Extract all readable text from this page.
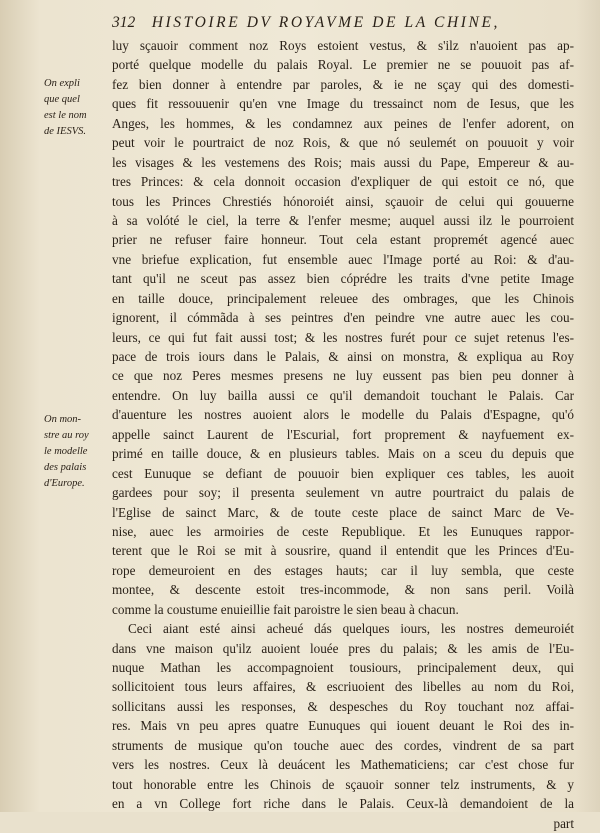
312 HISTOIRE DV ROYAVME DE LA CHINE,
On expli
que quel
est le nom
de IESVS.
On mon-
stre au roy
le modelle
des palais
d'Europe.
luy sçauoir comment noz Roys estoient vestus, & s'ilz n'auoient pas ap-
porté quelque modelle du palais Royal. Le premier ne se pouuoit pas af-
fez bien donner à entendre par paroles, & ie ne sçay qui des domesti-
ques fit ressouuenir qu'en vne Image du tressainct nom de Iesus, que les
Anges, les hommes, & les condamnez aux peines de l'enfer adorent, on
peut voir le pourtraict de noz Rois, & que nó seulemét on pouuoit y voir
les visages & les vestemens des Rois; mais aussi du Pape, Empereur & au-
tres Princes: & cela donnoit occasion d'expliquer de qui estoit ce nó, que
tous les Princes Chrestiés hónoroiét ainsi, sçauoir de celui qui gouuerne
à sa volóté le ciel, la terre & l'enfer mesme; auquel aussi ilz le pourroient
prier ne refuser faire honneur. Tout cela estant propremét agencé auec
vne briefue explication, fut ensemble auec l'Image porté au Roi: & d'au-
tant qu'il ne sceut pas assez bien cóprédre les traits d'vne petite Image
en taille douce, principalement releuee des ombrages, que les Chinois
ignorent, il cómmãda à ses peintres d'en peindre vne autre auec les cou-
leurs, ce qui fut fait aussi tost; & les nostres furét pour ce sujet retenus l'es-
pace de trois iours dans le Palais, & ainsi on monstra, & expliqua au Roy
ce que noz Peres mesmes presens ne luy eussent pas bien peu donner à
entendre. On luy bailla aussi ce qu'il demandoit touchant le Palais. Car
d'auenture les nostres auoient alors le modelle du Palais d'Espagne, qu'ó
appelle sainct Laurent de l'Escurial, fort proprement & nayfuement ex-
primé en taille douce, & en plusieurs tables. Mais on a sceu du depuis que
cest Eunuque se defiant de pouuoir bien expliquer ces tables, les auoit
gardees pour soy; il presenta seulement vn autre pourtraict du palais de
l'Eglise de sainct Marc, & de toute ceste place de sainct Marc de Ve-
nise, auec les armoiries de ceste Republique. Et les Eunuques rappor-
terent que le Roi se mit à sousrire, quand il entendit que les Princes d'Eu-
rope demeuroient en des estages hauts; car il luy sembla, que ceste
montee, & descente estoit tres-incommode, & non sans peril. Voilà
comme la coustume enuieillie fait paroistre le sien beau à chacun.
Ceci aiant esté ainsi acheué dás quelques iours, les nostres demeuroiét
dans vne maison qu'ilz auoient louée pres du palais; & les amis de l'Eu-
nuque Mathan les accompagnoient tousiours, principalement deux, qui
sollicitoient tous leurs affaires, & escriuoient des libelles au nom du Roi,
sollicitans aussi les responses, & despesches du Roy touchant noz affai-
res. Mais vn peu apres quatre Eunuques qui iouent deuant le Roi des in-
struments de musique qu'on touche auec des cordes, vindrent de sa part
vers les nostres. Ceux là deuácent les Mathematiciens; car c'est chose fur
tout honorable entre les Chinois de sçauoir sonner telz instruments, & y
en a vn College fort riche dans le Palais. Ceux-là demandoient de la
part
